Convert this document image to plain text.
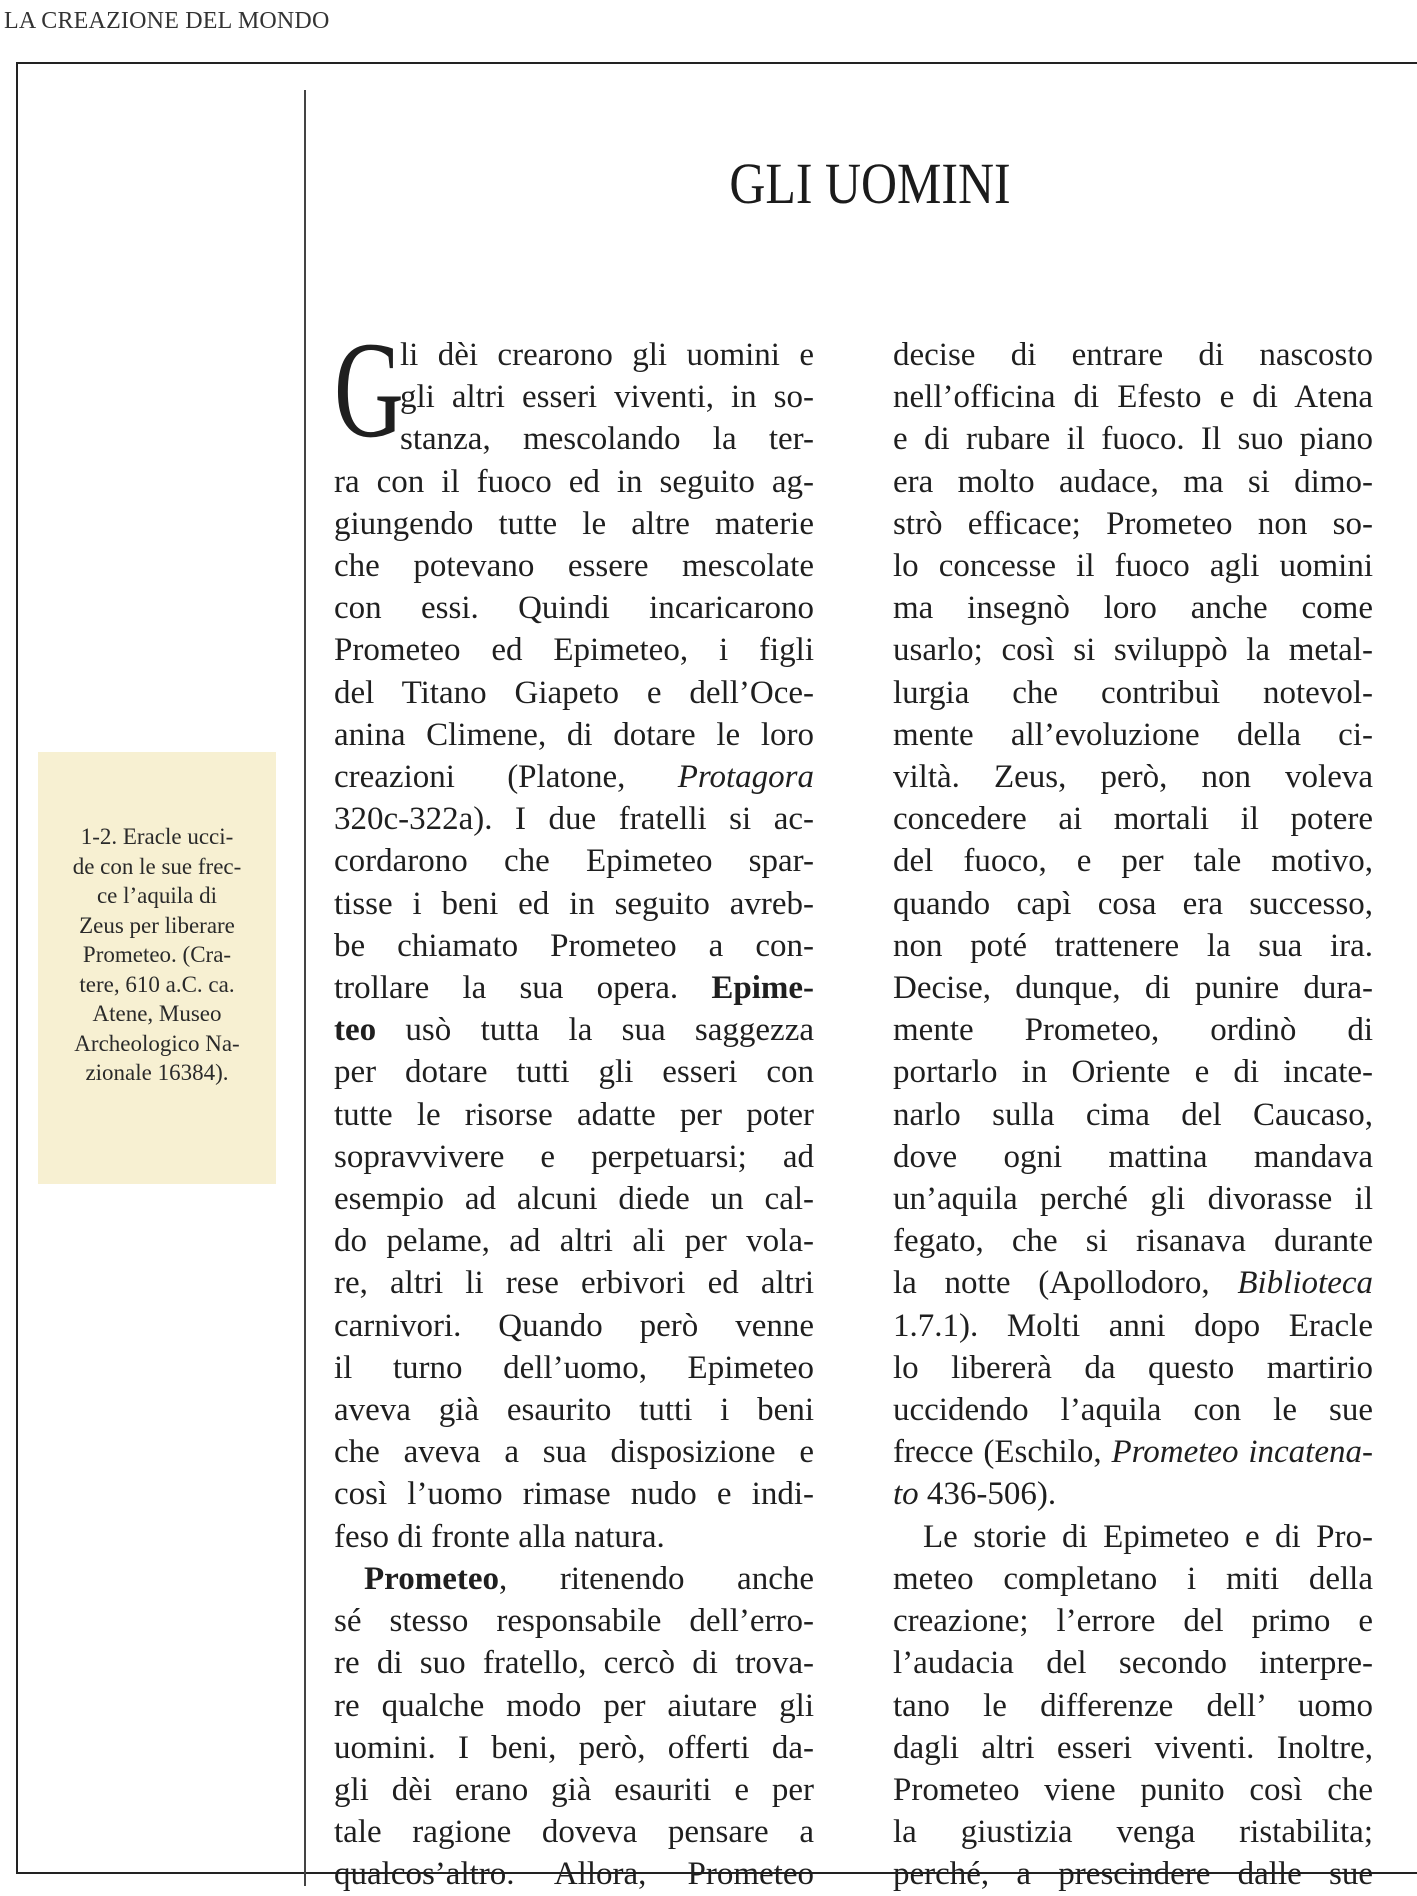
LA CREAZIONE DEL MONDO
1-2. Eracle ucci-
de con le sue frec-
ce l’aquila di
Zeus per liberare
Prometeo. (Cra-
tere, 610 a.C. ca.
Atene, Museo
Archeologico Na-
zionale 16384).
GLI UOMINI
G
li dèi crearono gli uomini e
gli altri esseri viventi, in so-
stanza, mescolando la ter-
ra con il fuoco ed in seguito ag-
giungendo tutte le altre materie
che potevano essere mescolate
con essi. Quindi incaricarono
Prometeo ed Epimeteo, i figli
del Titano Giapeto e dell’Oce-
anina Climene, di dotare le loro
creazioni (Platone, Protagora
320c-322a). I due fratelli si ac-
cordarono che Epimeteo spar-
tisse i beni ed in seguito avreb-
be chiamato Prometeo a con-
trollare la sua opera. Epime-
teo usò tutta la sua saggezza
per dotare tutti gli esseri con
tutte le risorse adatte per poter
sopravvivere e perpetuarsi; ad
esempio ad alcuni diede un cal-
do pelame, ad altri ali per vola-
re, altri li rese erbivori ed altri
carnivori. Quando però venne
il turno dell’uomo, Epimeteo
aveva già esaurito tutti i beni
che aveva a sua disposizione e
così l’uomo rimase nudo e indi-
feso di fronte alla natura.
Prometeo, ritenendo anche
sé stesso responsabile dell’erro-
re di suo fratello, cercò di trova-
re qualche modo per aiutare gli
uomini. I beni, però, offerti da-
gli dèi erano già esauriti e per
tale ragione doveva pensare a
qualcos’altro. Allora, Prometeo
decise di entrare di nascosto
nell’officina di Efesto e di Atena
e di rubare il fuoco. Il suo piano
era molto audace, ma si dimo-
strò efficace; Prometeo non so-
lo concesse il fuoco agli uomini
ma insegnò loro anche come
usarlo; così si sviluppò la metal-
lurgia che contribuì notevol-
mente all’evoluzione della ci-
viltà. Zeus, però, non voleva
concedere ai mortali il potere
del fuoco, e per tale motivo,
quando capì cosa era successo,
non poté trattenere la sua ira.
Decise, dunque, di punire dura-
mente Prometeo, ordinò di
portarlo in Oriente e di incate-
narlo sulla cima del Caucaso,
dove ogni mattina mandava
un’aquila perché gli divorasse il
fegato, che si risanava durante
la notte (Apollodoro, Biblioteca
1.7.1). Molti anni dopo Eracle
lo libererà da questo martirio
uccidendo l’aquila con le sue
frecce (Eschilo, Prometeo incatena-
to 436-506).
Le storie di Epimeteo e di Pro-
meteo completano i miti della
creazione; l’errore del primo e
l’audacia del secondo interpre-
tano le differenze dell’ uomo
dagli altri esseri viventi. Inoltre,
Prometeo viene punito così che
la giustizia venga ristabilita;
perché, a prescindere dalle sue
